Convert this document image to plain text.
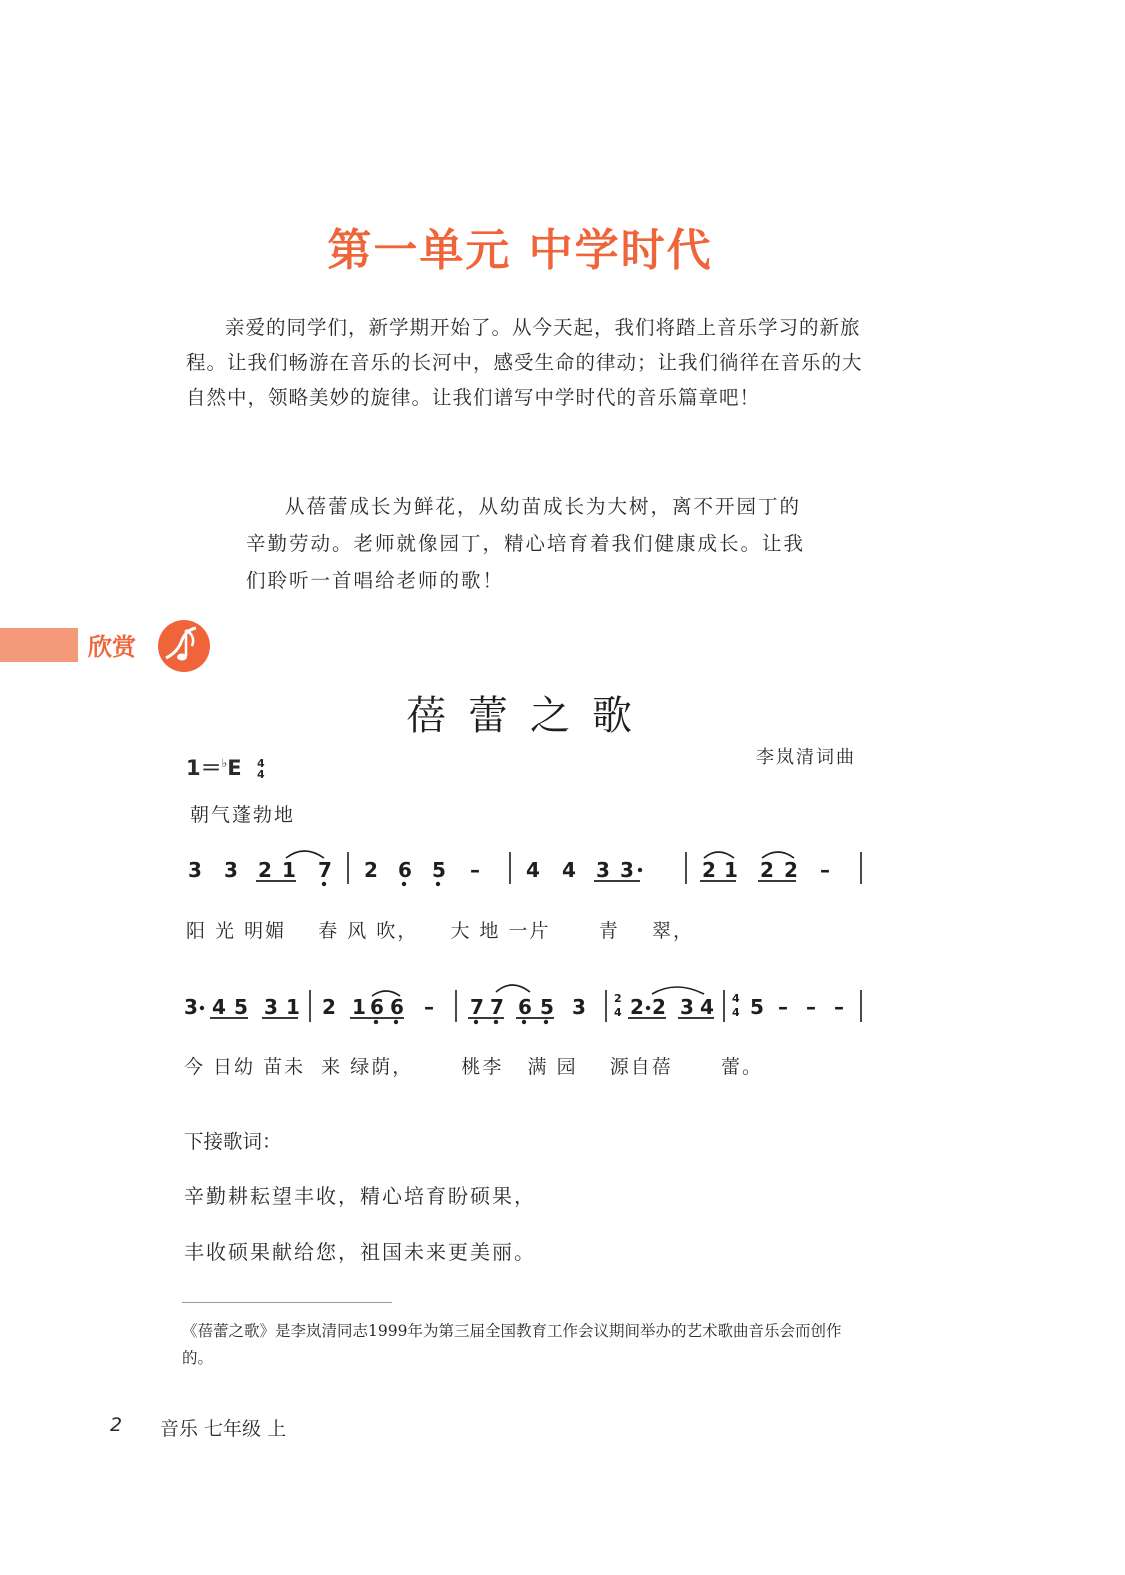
第一单元 中学时代

亲爱的同学们，新学期开始了。从今天起，我们将踏上音乐学习的新旅程。让我们畅游在音乐的长河中，感受生命的律动；让我们徜徉在音乐的大自然中，领略美妙的旋律。让我们谱写中学时代的音乐篇章吧！

从蓓蕾成长为鲜花，从幼苗成长为大树，离不开园丁的辛勤劳动。老师就像园丁，精心培育着我们健康成长。让我们聆听一首唱给老师的歌！

欣赏
蓓蕾之歌
李岚清词曲
1＝♭E 4
4
朝气蓬勃地
3 3 2 1 7 2 6 5 – 4 4 3 3	2 1 2 2 –
3 4 5 3 1 2 1 6 6 – 7 7 6 5 3	2
4 2 2 3 4 4
4 5 – – –
阳 光 明媚    春 风 吹，    大 地 一片      青    翠，
今 日幼 苗未  来 绿荫，      桃李   满 园    源自蓓      蕾。
下接歌词：
辛勤耕耘望丰收，精心培育盼硕果，
丰收硕果献给您，祖国未来更美丽。
《蓓蕾之歌》是李岚清同志1999年为第三届全国教育工作会议期间举办的艺术歌曲音乐会而创作的。
2 音乐 七年级 上
